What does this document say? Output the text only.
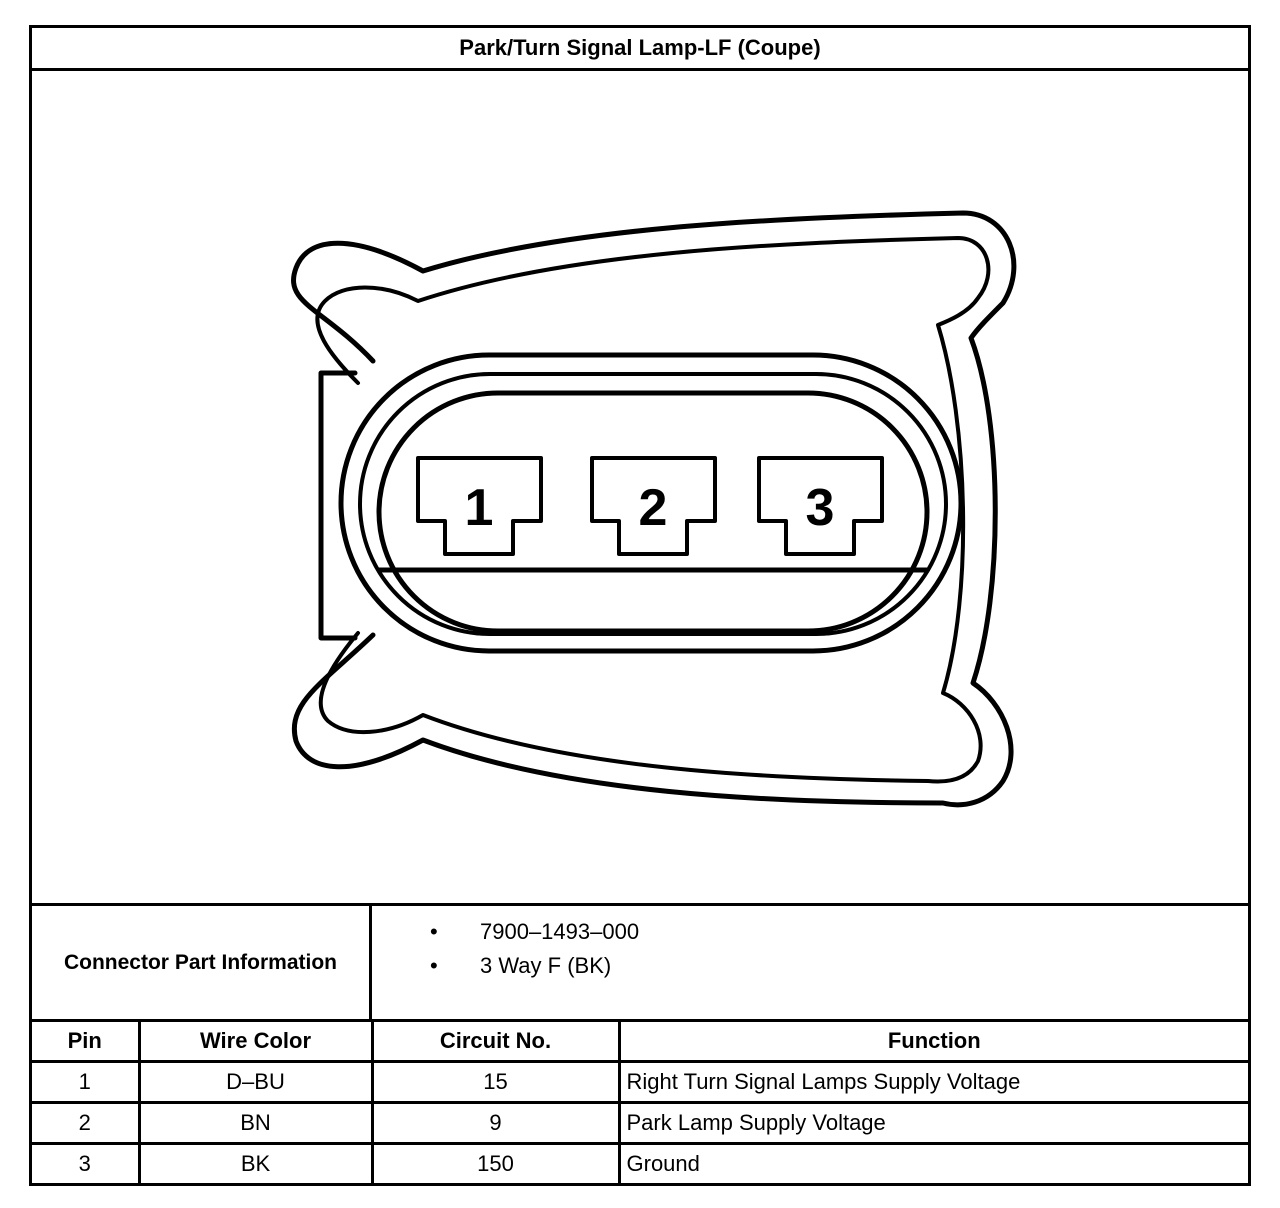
Park/Turn Signal Lamp-LF (Coupe)
1	2	3
Connector Part Information
• 7900–1493–000
• 3 Way F (BK)
Pin	Wire Color	Circuit No.	Function
1	D–BU	15	Right Turn Signal Lamps Supply Voltage
2	BN	9	Park Lamp Supply Voltage
3	BK	150	Ground
